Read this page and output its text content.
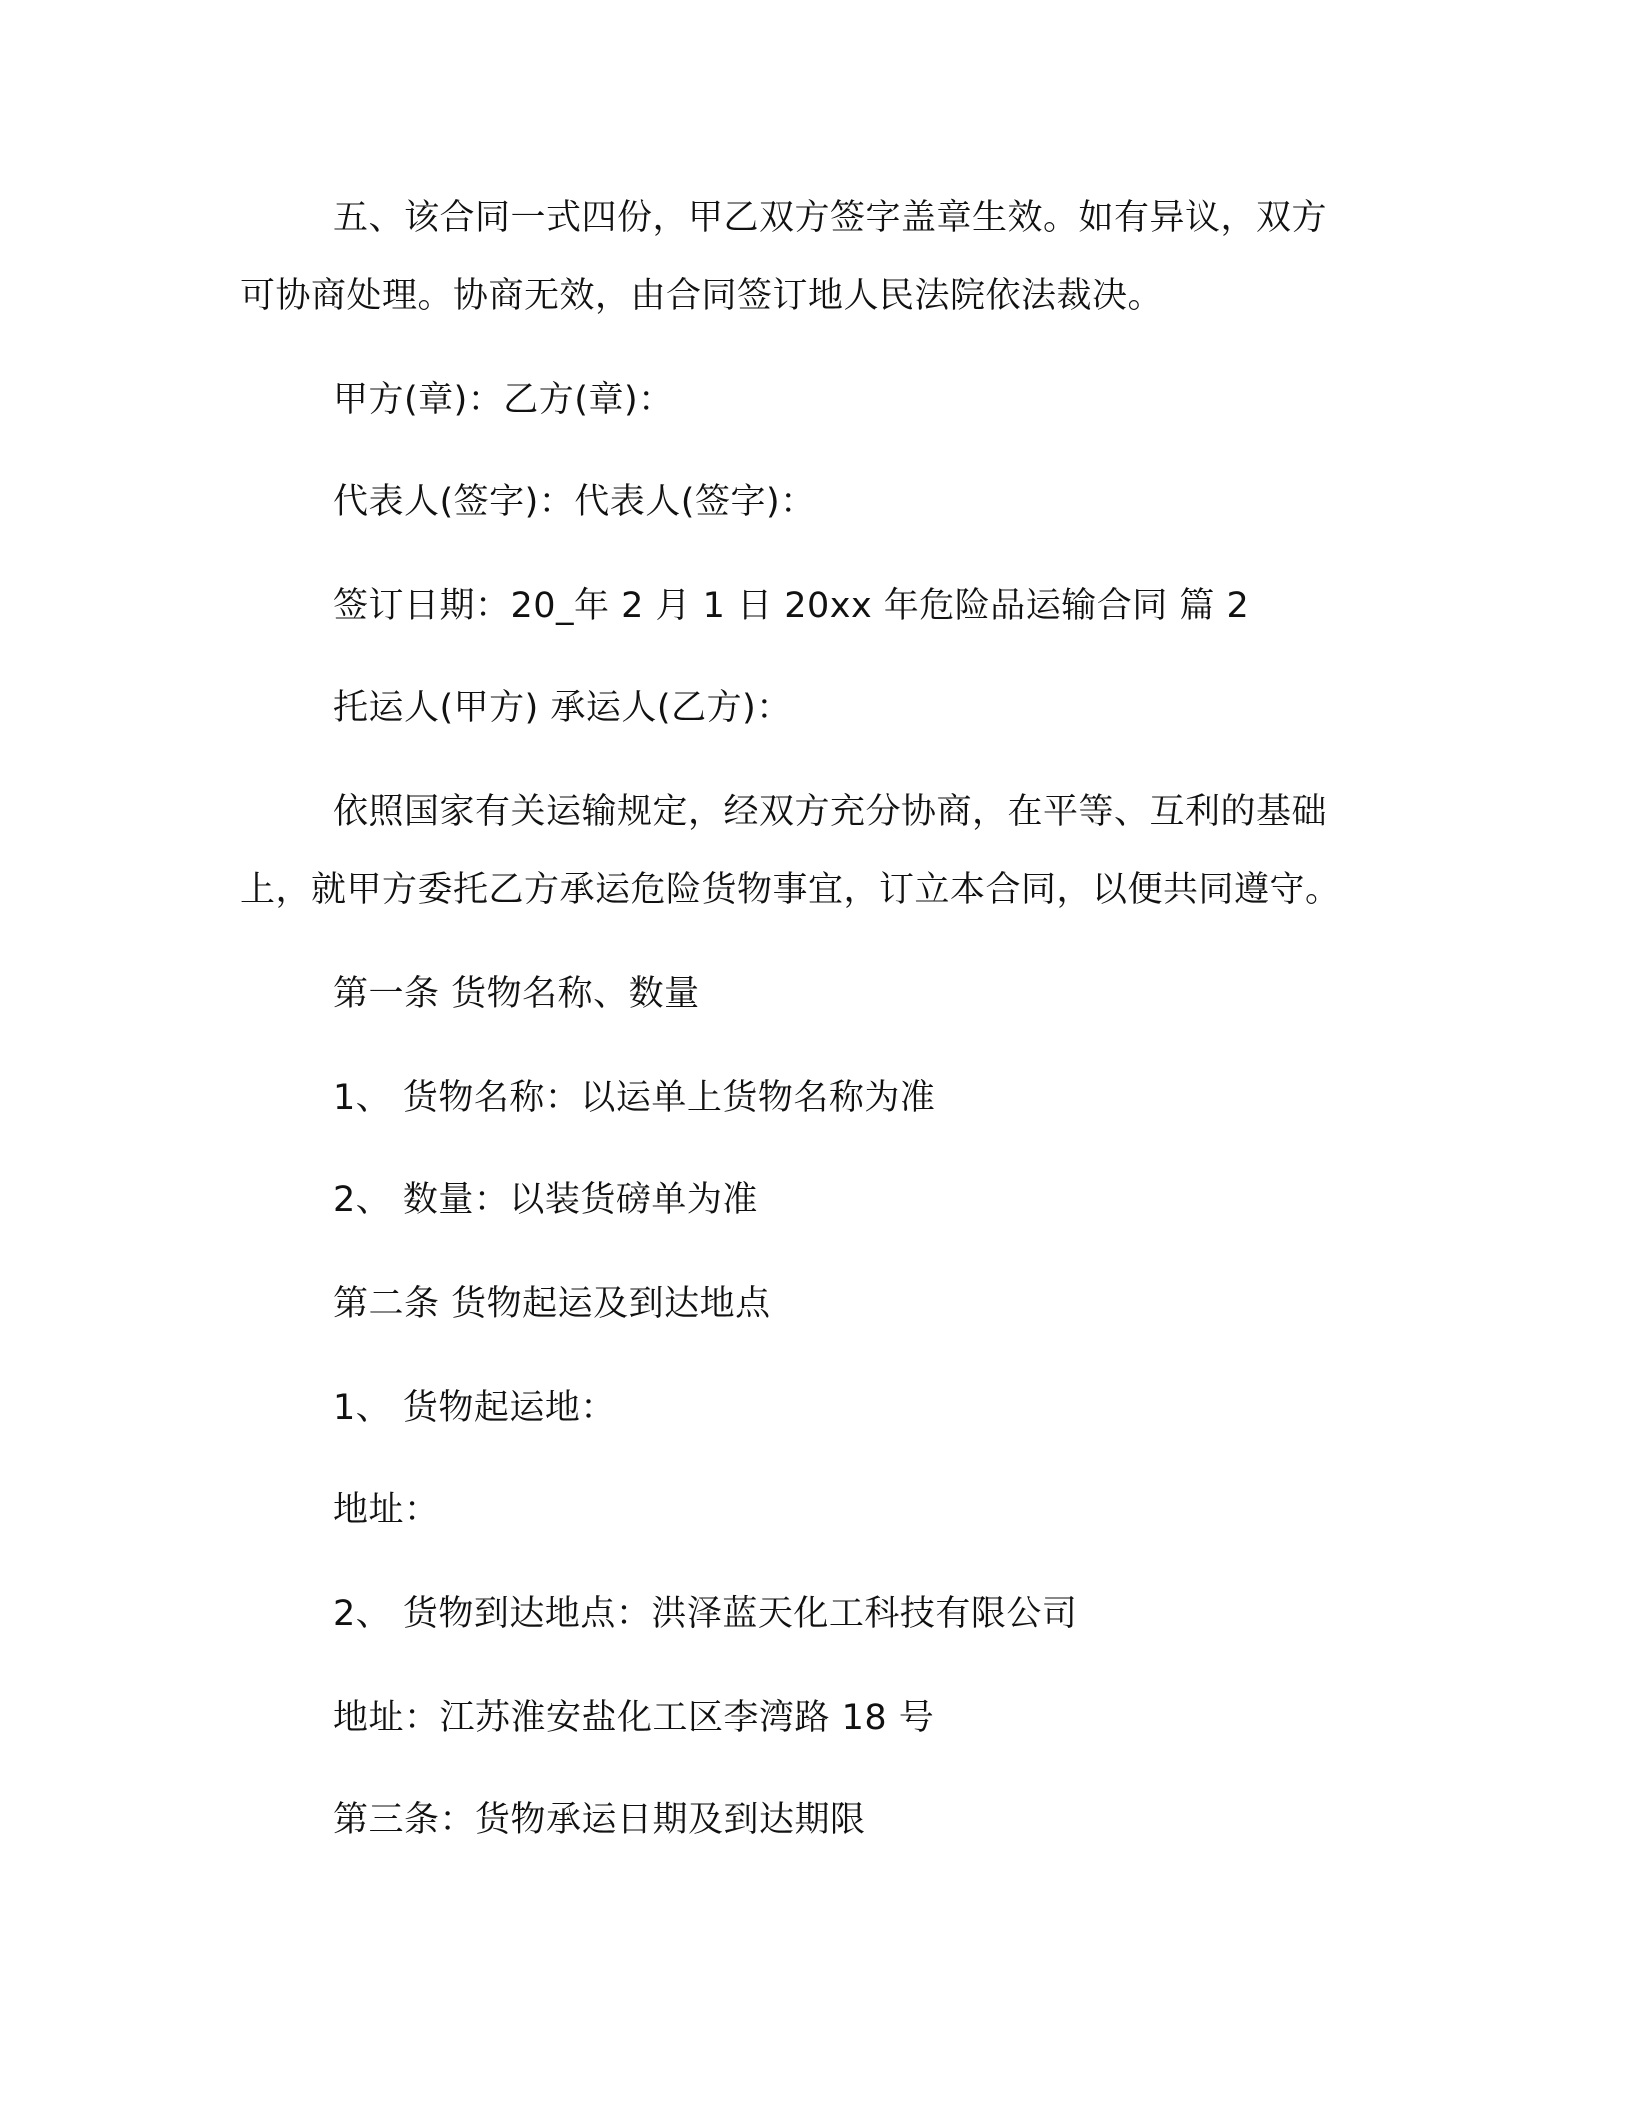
五、该合同一式四份，甲乙双方签字盖章生效。如有异议，双方
可协商处理。协商无效，由合同签订地人民法院依法裁决。
甲方(章)：乙方(章)：
代表人(签字)：代表人(签字)：
签订日期：20_年 2 月 1 日 20xx 年危险品运输合同 篇 2
托运人(甲方) 承运人(乙方)：
依照国家有关运输规定，经双方充分协商，在平等、互利的基础
上，就甲方委托乙方承运危险货物事宜，订立本合同，以便共同遵守。
第一条 货物名称、数量
1、 货物名称：以运单上货物名称为准
2、 数量：以装货磅单为准
第二条 货物起运及到达地点
1、 货物起运地：
地址：
2、 货物到达地点：洪泽蓝天化工科技有限公司
地址：江苏淮安盐化工区李湾路 18 号
第三条：货物承运日期及到达期限
